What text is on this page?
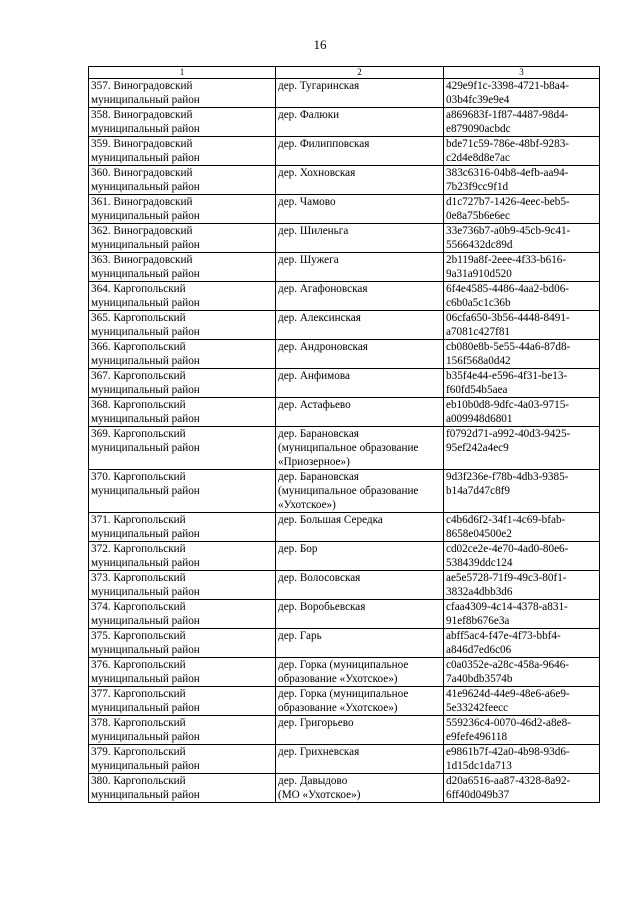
16
1	2	3

357. Виноградовский
муниципальный район	дер. Тугаринская	429e9f1c-3398-4721-b8a4-
03b4fc39e9e4

358. Виноградовский
муниципальный район	дер. Фалюки	a869683f-1f87-4487-98d4-
e879090acbdc

359. Виноградовский
муниципальный район	дер. Филипповская	bde71c59-786e-48bf-9283-
c2d4e8d8e7ac

360. Виноградовский
муниципальный район	дер. Хохновская	383c6316-04b8-4efb-aa94-
7b23f9cc9f1d

361. Виноградовский
муниципальный район	дер. Чамово	d1c727b7-1426-4eec-beb5-
0e8a75b6e6ec

362. Виноградовский
муниципальный район	дер. Шиленьга	33e736b7-a0b9-45cb-9c41-
5566432dc89d

363. Виноградовский
муниципальный район	дер. Шужега	2b119a8f-2eee-4f33-b616-
9a31a910d520

364. Каргопольский
муниципальный район	дер. Агафоновская	6f4e4585-4486-4aa2-bd06-
c6b0a5c1c36b

365. Каргопольский
муниципальный район	дер. Алексинская	06cfa650-3b56-4448-8491-
a7081c427f81

366. Каргопольский
муниципальный район	дер. Андроновская	cb080e8b-5e55-44a6-87d8-
156f568a0d42

367. Каргопольский
муниципальный район	дер. Анфимова	b35f4e44-e596-4f31-be13-
f60fd54b5aea

368. Каргопольский
муниципальный район	дер. Астафьево	eb10b0d8-9dfc-4a03-9715-
a009948d6801

369. Каргопольский
муниципальный район	дер. Барановская
(муниципальное образование
«Приозерное»)	f0792d71-a992-40d3-9425-
95ef242a4ec9

370. Каргопольский
муниципальный район	дер. Барановская
(муниципальное образование
«Ухотское»)	9d3f236e-f78b-4db3-9385-
b14a7d47c8f9

371. Каргопольский
муниципальный район	дер. Большая Середка	c4b6d6f2-34f1-4c69-bfab-
8658e04500e2

372. Каргопольский
муниципальный район	дер. Бор	cd02ce2e-4e70-4ad0-80e6-
538439ddc124

373. Каргопольский
муниципальный район	дер. Волосовская	ae5e5728-71f9-49c3-80f1-
3832a4dbb3d6

374. Каргопольский
муниципальный район	дер. Воробьевская	cfaa4309-4c14-4378-a831-
91ef8b676e3a

375. Каргопольский
муниципальный район	дер. Гарь	abff5ac4-f47e-4f73-bbf4-
a846d7ed6c06

376. Каргопольский
муниципальный район	дер. Горка (муниципальное
образование «Ухотское»)	c0a0352e-a28c-458a-9646-
7a40bdb3574b

377. Каргопольский
муниципальный район	дер. Горка (муниципальное
образование «Ухотское»)	41e9624d-44e9-48e6-a6e9-
5e33242feecc

378. Каргопольский
муниципальный район	дер. Григорьево	559236c4-0070-46d2-a8e8-
e9fefe496118

379. Каргопольский
муниципальный район	дер. Грихневская	e9861b7f-42a0-4b98-93d6-
1d15dc1da713

380. Каргопольский
муниципальный район	дер. Давыдово
(МО «Ухотское»)	d20a6516-aa87-4328-8a92-
6ff40d049b37
